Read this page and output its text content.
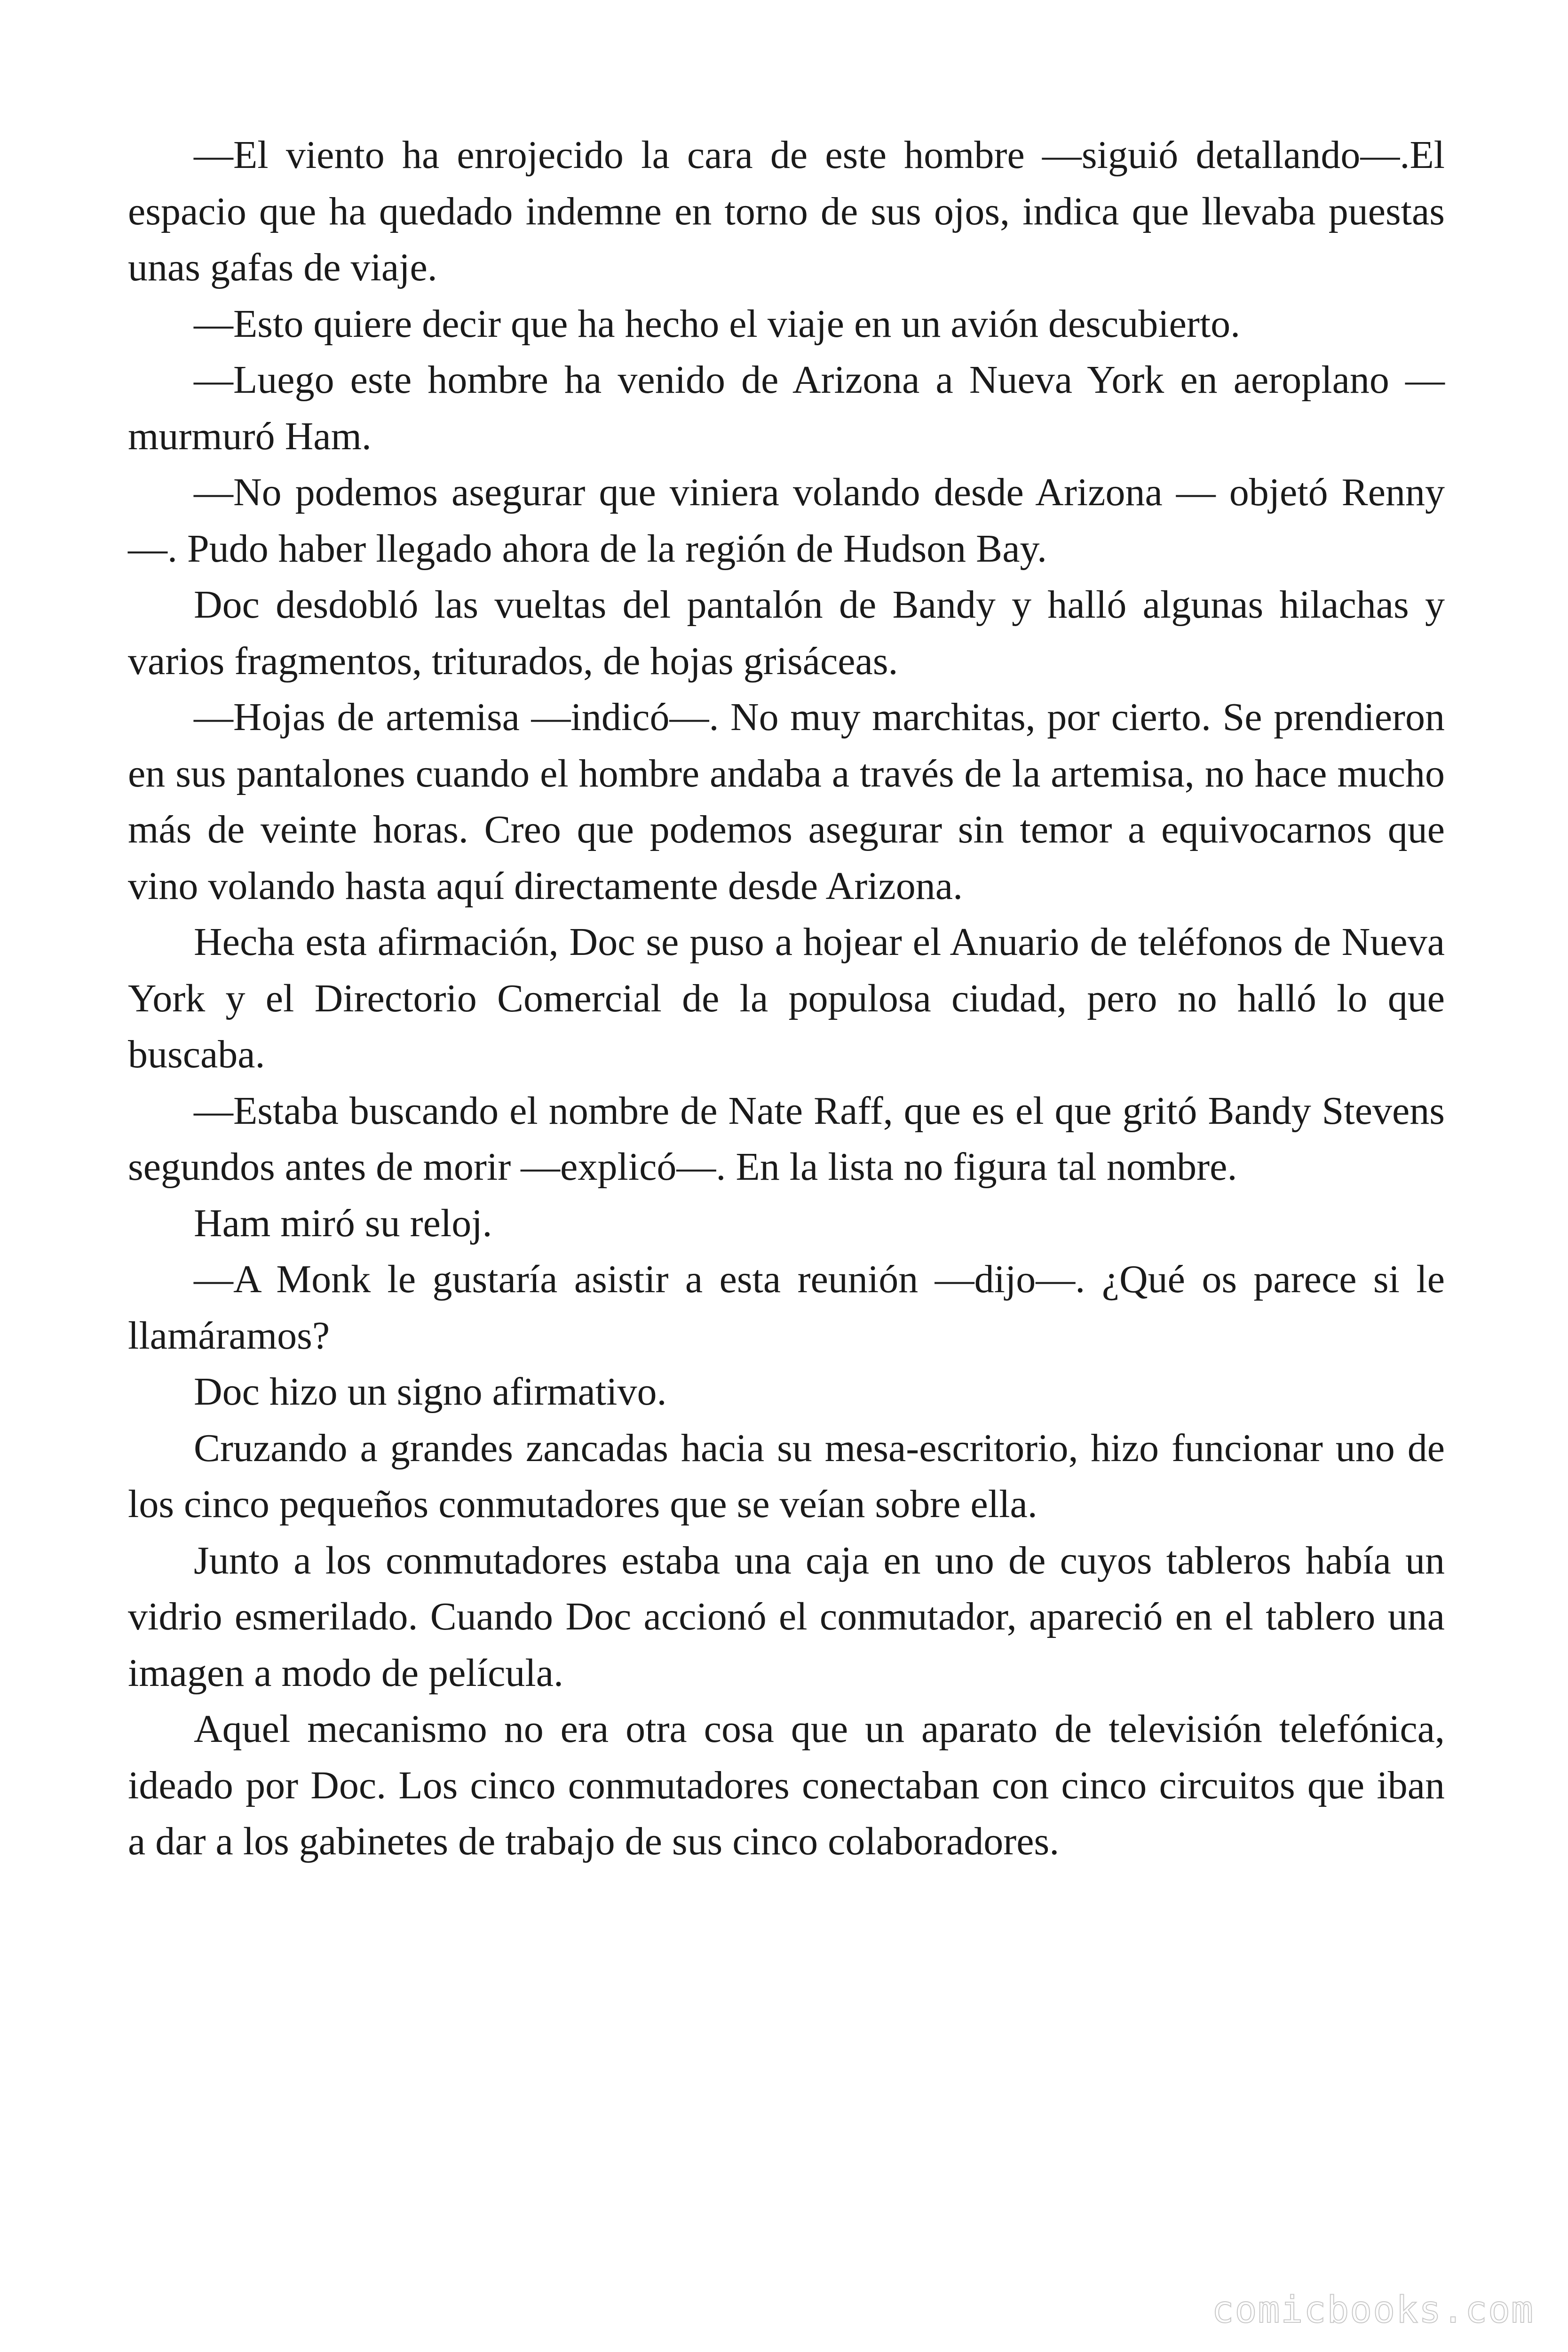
—El viento ha enrojecido la cara de este hombre —siguió detallando—.El espacio que ha quedado indemne en torno de sus ojos, indica que llevaba puestas unas gafas de viaje.

—Esto quiere decir que ha hecho el viaje en un avión descubierto.

—Luego este hombre ha venido de Arizona a Nueva York en aeroplano —murmuró Ham.

—No podemos asegurar que viniera volando desde Arizona — objetó Renny—. Pudo haber llegado ahora de la región de Hudson Bay.

Doc desdobló las vueltas del pantalón de Bandy y halló algunas hilachas y varios fragmentos, triturados, de hojas grisáceas.

—Hojas de artemisa —indicó—. No muy marchitas, por cierto. Se prendieron en sus pantalones cuando el hombre andaba a través de la artemisa, no hace mucho más de veinte horas. Creo que podemos asegurar sin temor a equivocarnos que vino volando hasta aquí directamente desde Arizona.

Hecha esta afirmación, Doc se puso a hojear el Anuario de teléfonos de Nueva York y el Directorio Comercial de la populosa ciudad, pero no halló lo que buscaba.

—Estaba buscando el nombre de Nate Raff, que es el que gritó Bandy Stevens segundos antes de morir —explicó—. En la lista no figura tal nombre.

Ham miró su reloj.

—A Monk le gustaría asistir a esta reunión —dijo—. ¿Qué os parece si le llamáramos?

Doc hizo un signo afirmativo.

Cruzando a grandes zancadas hacia su mesa-escritorio, hizo funcionar uno de los cinco pequeños conmutadores que se veían sobre ella.

Junto a los conmutadores estaba una caja en uno de cuyos tableros había un vidrio esmerilado. Cuando Doc accionó el conmutador, apareció en el tablero una imagen a modo de película.

Aquel mecanismo no era otra cosa que un aparato de televisión telefónica, ideado por Doc. Los cinco conmutadores conectaban con cinco circuitos que iban a dar a los gabinetes de trabajo de sus cinco colaboradores.

comicbooks.com
